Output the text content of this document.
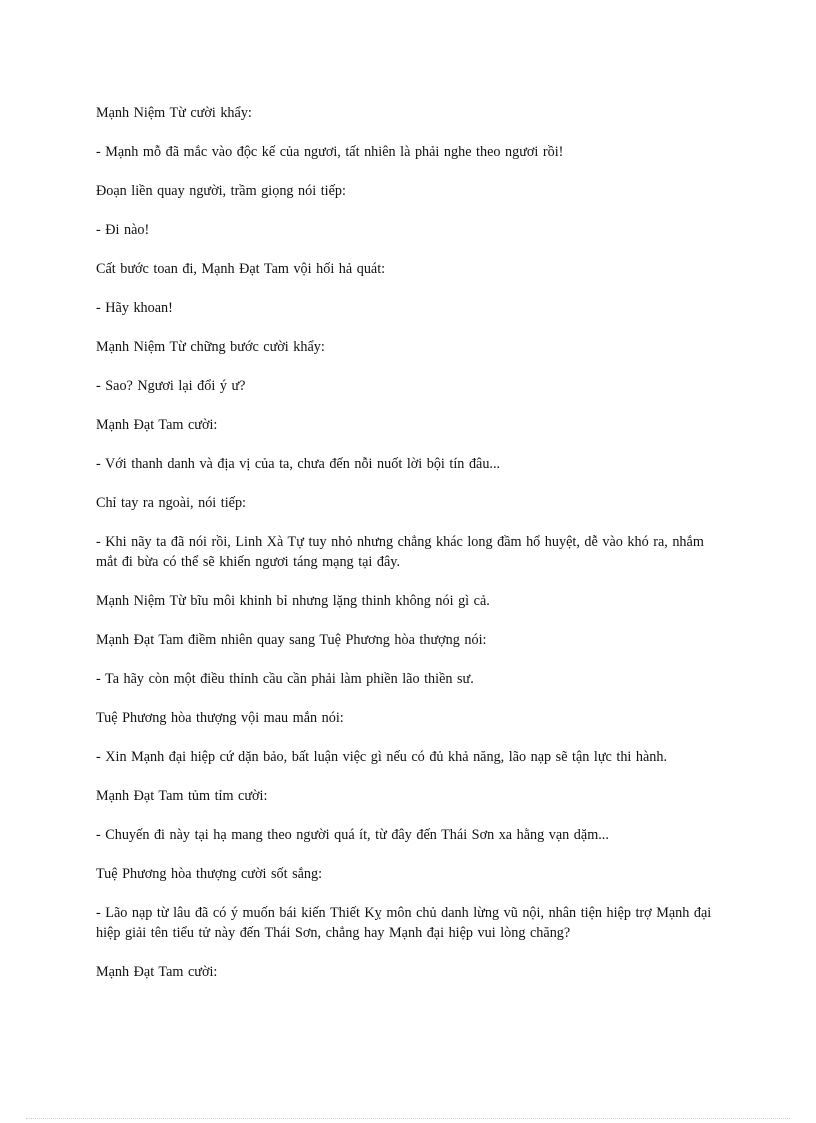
Mạnh Niệm Từ cười khẩy:

- Mạnh mỗ đã mắc vào độc kế của ngươi, tất nhiên là phải nghe theo ngươi rồi!

Đoạn liền quay người, trầm giọng nói tiếp:

- Đi nào!

Cất bước toan đi, Mạnh Đạt Tam vội hối hả quát:

- Hãy khoan!

Mạnh Niệm Từ chững bước cười khẩy:

- Sao? Ngươi lại đổi ý ư?

Mạnh Đạt Tam cười:

- Với thanh danh và địa vị của ta, chưa đến nỗi nuốt lời bội tín đâu...

Chỉ tay ra ngoài, nói tiếp:

- Khi nãy ta đã nói rồi, Linh Xà Tự tuy nhỏ nhưng chẳng khác long đầm hổ huyệt, dễ vào khó ra, nhắm mắt đi bừa có thể sẽ khiến ngươi táng mạng tại đây.

Mạnh Niệm Từ bĩu môi khinh bỉ nhưng lặng thinh không nói gì cả.

Mạnh Đạt Tam điềm nhiên quay sang Tuệ Phương hòa thượng nói:

- Ta hãy còn một điều thỉnh cầu cần phải làm phiền lão thiền sư.

Tuệ Phương hòa thượng vội mau mắn nói:

- Xin Mạnh đại hiệp cứ dặn bảo, bất luận việc gì nếu có đủ khả năng, lão nạp sẽ tận lực thi hành.

Mạnh Đạt Tam tủm tỉm cười:

- Chuyến đi này tại hạ mang theo người quá ít, từ đây đến Thái Sơn xa hằng vạn dặm...

Tuệ Phương hòa thượng cười sốt sắng:

- Lão nạp từ lâu đã có ý muốn bái kiến Thiết Kỵ môn chủ danh lừng vũ nội, nhân tiện hiệp trợ Mạnh đại hiệp giải tên tiểu tử này đến Thái Sơn, chẳng hay Mạnh đại hiệp vui lòng chăng?

Mạnh Đạt Tam cười:
